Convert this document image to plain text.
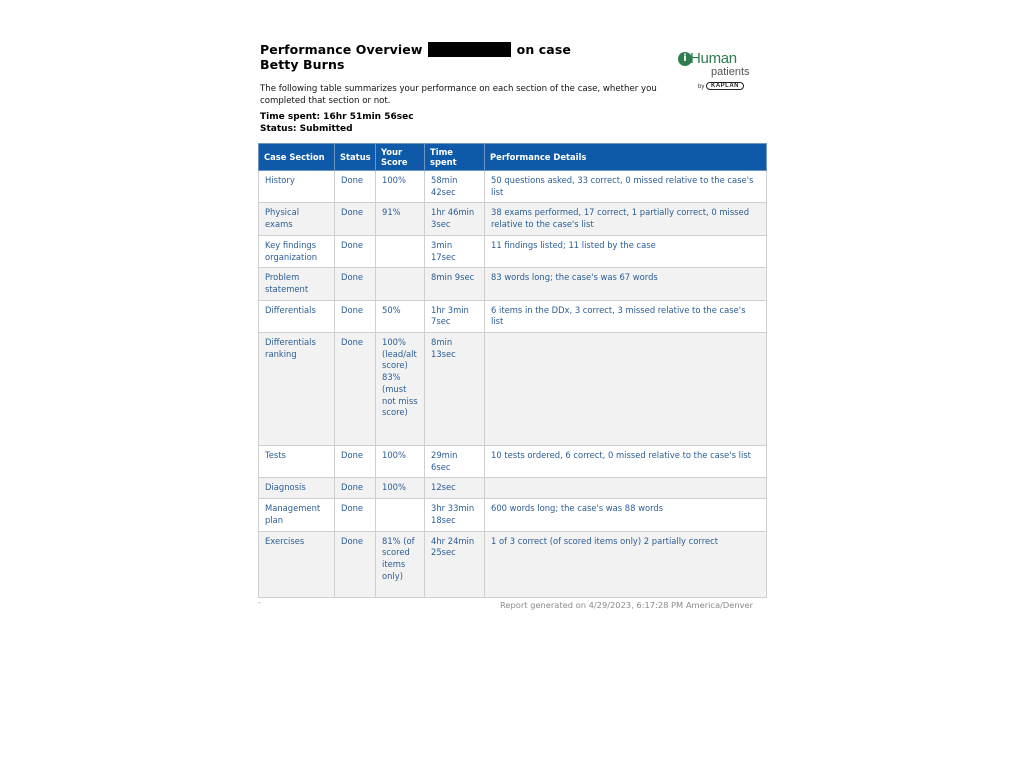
Performance Overview [redacted] on case
Betty Burns	i Human
patients
by	KAPLAN
The following table summarizes your performance on each section of the case, whether you completed that section or not.
Time spent: 16hr 51min 56sec
Status: Submitted
Case Section	Status	Your Score	Time spent	Performance Details
History	Done	100%	58min 42sec	50 questions asked, 33 correct, 0 missed relative to the case's list
Physical exams	Done	91%	1hr 46min 3sec	38 exams performed, 17 correct, 1 partially correct, 0 missed relative to the case's list
Key findings organization	Done		3min 17sec	11 findings listed; 11 listed by the case
Problem statement	Done		8min 9sec	83 words long; the case's was 67 words
Differentials	Done	50%	1hr 3min 7sec	6 items in the DDx, 3 correct, 3 missed relative to the case's list
Differentials ranking	Done	100% (lead/alt score) 83% (must not miss score)	8min 13sec	
Tests	Done	100%	29min 6sec	10 tests ordered, 6 correct, 0 missed relative to the case's list
Diagnosis	Done	100%	12sec	
Management plan	Done		3hr 33min 18sec	600 words long; the case's was 88 words
Exercises	Done	81% (of scored items only)	4hr 24min 25sec	1 of 3 correct (of scored items only) 2 partially correct
-	Report generated on 4/29/2023, 6:17:28 PM America/Denver
